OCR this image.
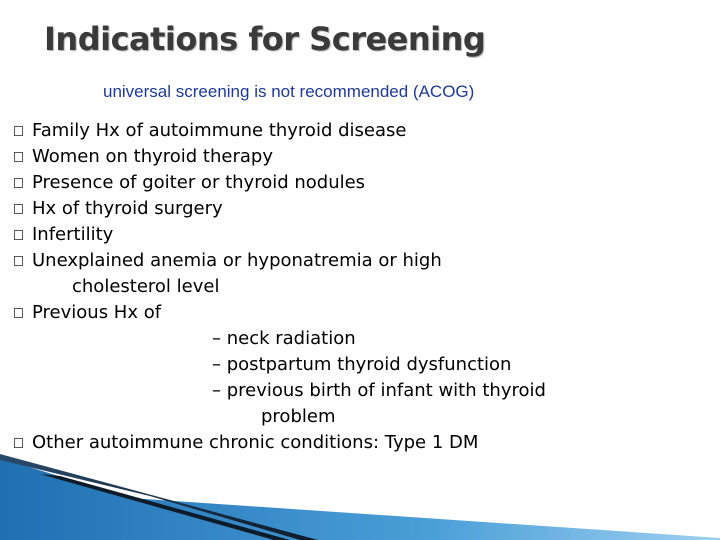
Indications for Screening
universal screening is not recommended (ACOG)
Family Hx of autoimmune thyroid disease
Women on thyroid therapy
Presence of goiter or thyroid nodules
Hx of thyroid surgery
Infertility
Unexplained anemia or hyponatremia or high
cholesterol level
Previous Hx of
– neck radiation
– postpartum thyroid dysfunction
– previous birth of infant with thyroid
problem
Other autoimmune chronic conditions: Type 1 DM
